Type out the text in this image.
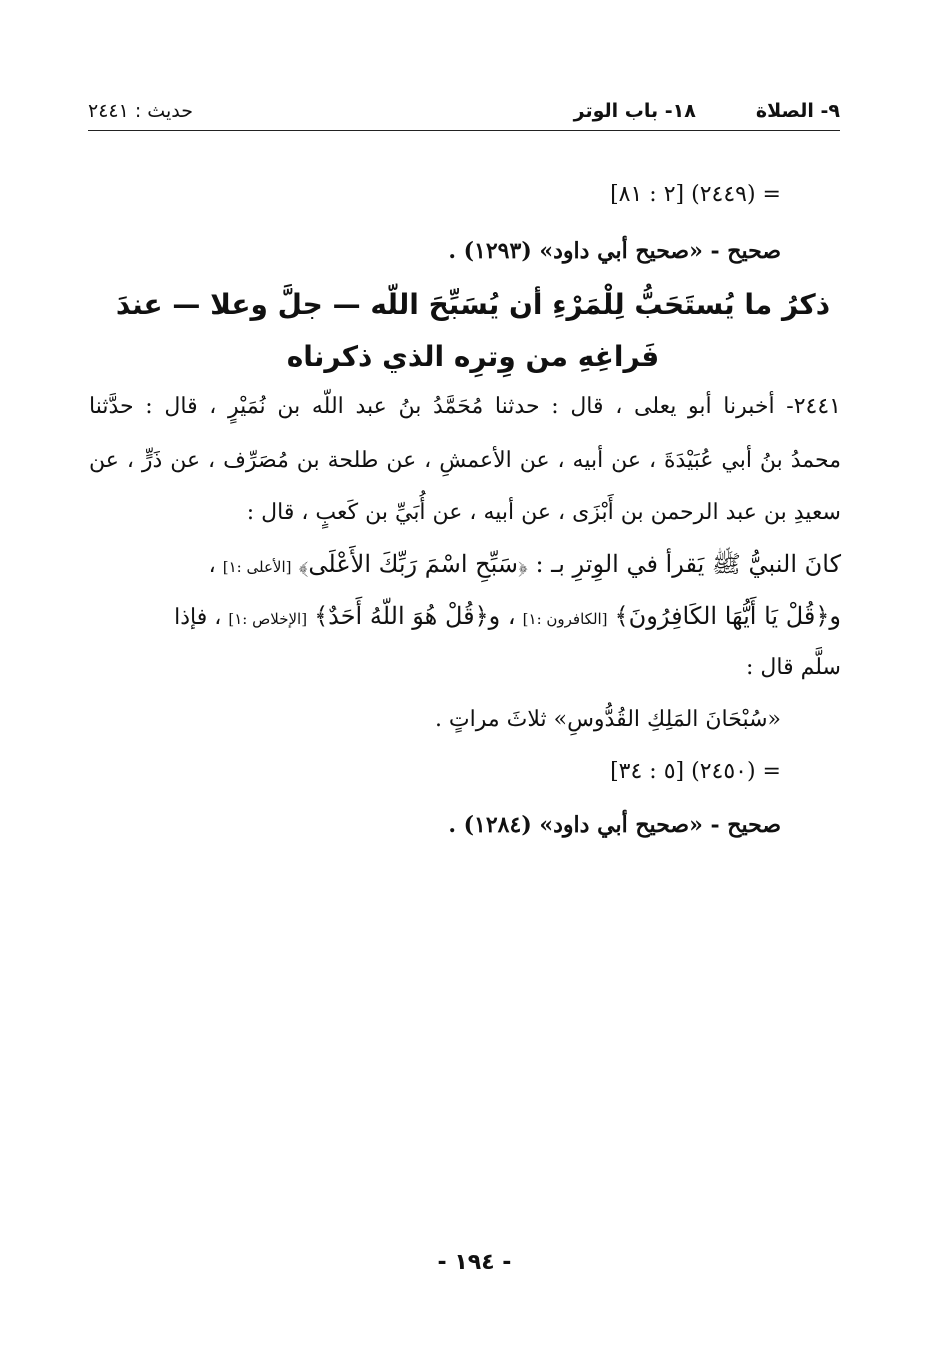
٩- الصلاة١٨- باب الوتر
حديث : ٢٤٤١
= (٢٤٤٩) [٢ : ٨١]
صحيح - «صحيح أبي داود» (١٢٩٣) .
ذكرُ ما يُستَحَبُّ لِلْمَرْءِ أن يُسَبِّحَ اللّه — جلَّ وعلا — عندَ
فَراغِهِ من وِترِه الذي ذكرناه
٢٤٤١- أخبرنا أبو يعلى ، قال : حدثنا مُحَمَّدُ بنُ عبد اللّه بن نُمَيْرٍ ، قال : حدَّثنا
محمدُ بنُ أبي عُبَيْدَةَ ، عن أبيه ، عن الأعمشِ ، عن طلحة بن مُصَرِّف ، عن ذَرٍّ ، عن
سعيدِ بن عبد الرحمن بن أَبْزَى ، عن أبيه ، عن أُبَيِّ بن كَعبٍ ، قال :
كانَ النبيُّ ﷺ يَقرأ في الوِترِ بـ : ﴿سَبِّحِ اسْمَ رَبِّكَ الأَعْلَى﴾ [الأعلى :١] ،
و﴿قُلْ يَا أَيُّهَا الكَافِرُونَ﴾ [الكافرون :١] ، و﴿قُلْ هُوَ اللّهُ أَحَدٌ﴾ [الإخلاص :١] ، فإذا
سلَّم قال :
«سُبْحَانَ المَلِكِ القُدُّوسِ» ثلاثَ مراتٍ .
= (٢٤٥٠) [٥ : ٣٤]
صحيح - «صحيح أبي داود» (١٢٨٤) .
- ١٩٤ -
